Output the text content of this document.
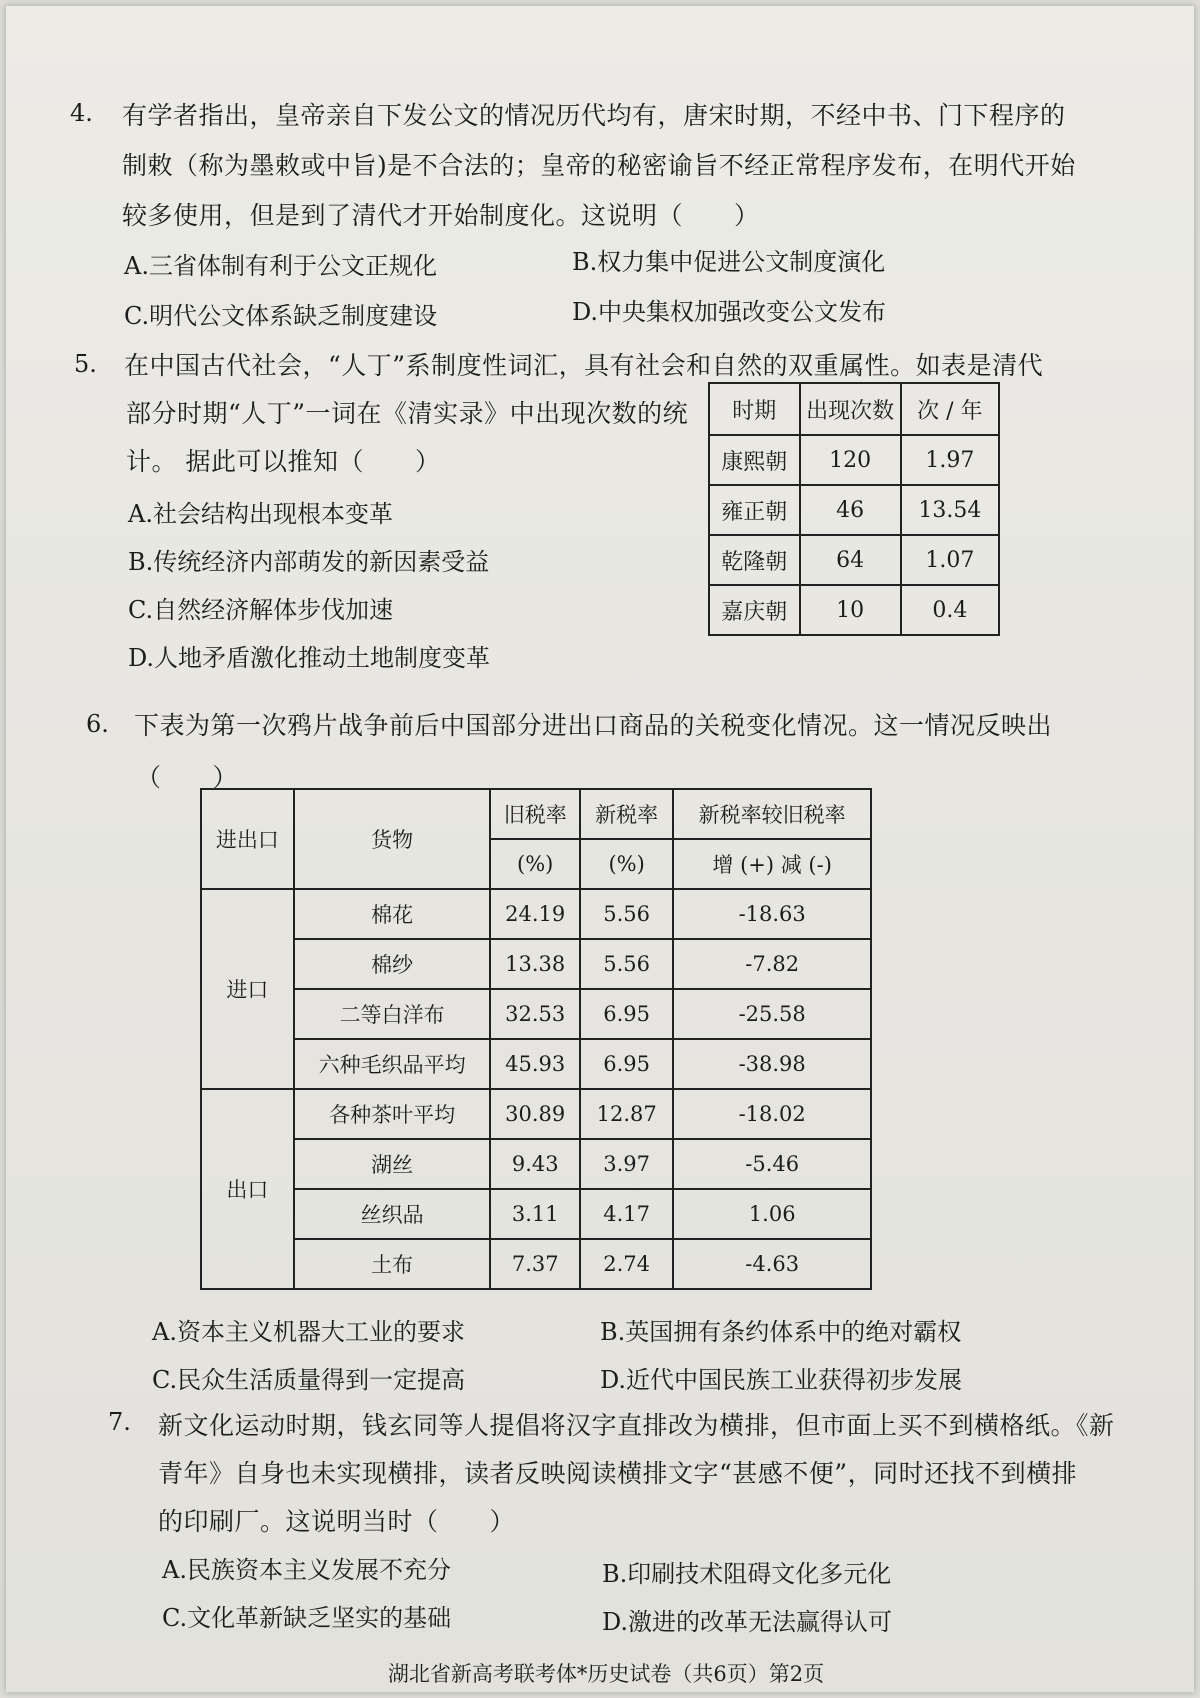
4. 有学者指出，皇帝亲自下发公文的情况历代均有，唐宋时期，不经中书、门下程序的
制敕（称为墨敕或中旨)是不合法的；皇帝的秘密谕旨不经正常程序发布，在明代开始
较多使用，但是到了清代才开始制度化。这说明（　　）
A.三省体制有利于公文正规化	B.权力集中促进公文制度演化
C.明代公文体系缺乏制度建设	D.中央集权加强改变公文发布
5. 在中国古代社会，“人丁”系制度性词汇，具有社会和自然的双重属性。如表是清代
部分时期“人丁”一词在《清实录》中出现次数的统
计。 据此可以推知（　　）
A.社会结构出现根本变革
B.传统经济内部萌发的新因素受益
C.自然经济解体步伐加速
D.人地矛盾激化推动土地制度变革
时期	出现次数	次 / 年
康熙朝	120	1.97
雍正朝	46	13.54
乾隆朝	64	1.07
嘉庆朝	10	0.4
6. 下表为第一次鸦片战争前后中国部分进出口商品的关税变化情况。这一情况反映出
（　　）
进出口	货物	旧税率	新税率	新税率较旧税率
		(%)	(%)	增 (+) 减 (-)
进口	棉花	24.19	5.56	-18.63
	棉纱	13.38	5.56	-7.82
	二等白洋布	32.53	6.95	-25.58
	六种毛织品平均	45.93	6.95	-38.98
出口	各种茶叶平均	30.89	12.87	-18.02
	湖丝	9.43	3.97	-5.46
	丝织品	3.11	4.17	1.06
	土布	7.37	2.74	-4.63
A.资本主义机器大工业的要求	B.英国拥有条约体系中的绝对霸权
C.民众生活质量得到一定提高	D.近代中国民族工业获得初步发展
7. 新文化运动时期，钱玄同等人提倡将汉字直排改为横排，但市面上买不到横格纸。《新
青年》自身也未实现横排，读者反映阅读横排文字“甚感不便”，同时还找不到横排
的印刷厂。这说明当时（　　）
A.民族资本主义发展不充分	B.印刷技术阻碍文化多元化
C.文化革新缺乏坚实的基础	D.激进的改革无法赢得认可
湖北省新高考联考体*历史试卷（共6页）第2页
